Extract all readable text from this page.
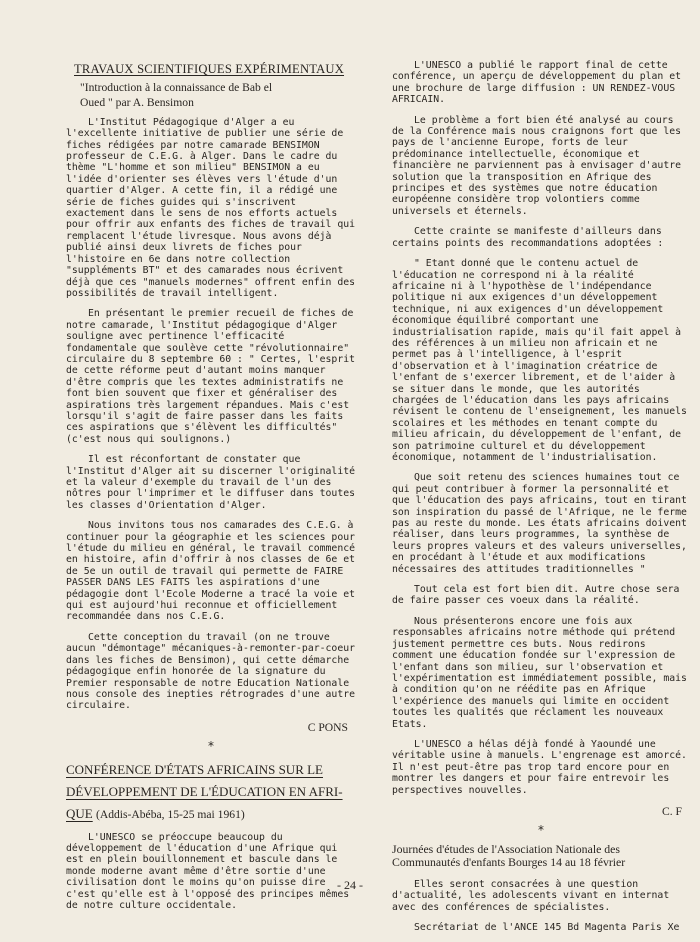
TRAVAUX SCIENTIFIQUES EXPÉRIMENTAUX
"Introduction à la connaissance de Bab el
Oued " par A. Bensimon

L'Institut Pédagogique d'Alger a eu l'excellente initiative de publier une série de fiches rédigées par notre camarade BENSIMON professeur de C.E.G. à Alger. Dans le cadre du thème "L'homme et son milieu" BENSIMON a eu l'idée d'orienter ses élèves vers l'étude d'un quartier d'Alger. A cette fin, il a rédigé une série de fiches guides qui s'inscrivent exactement dans le sens de nos efforts actuels pour offrir aux enfants des fiches de travail qui remplacent l'étude livresque. Nous avons déjà publié ainsi deux livrets de fiches pour l'histoire en 6e dans notre collection "suppléments BT" et des camarades nous écrivent déjà que ces "manuels modernes" offrent enfin des possibilités de travail intelligent.

En présentant le premier recueil de fiches de notre camarade, l'Institut pédagogique d'Alger souligne avec pertinence l'efficacité fondamentale que soulève cette "révolutionnaire" circulaire du 8 septembre 60 : " Certes, l'esprit de cette réforme peut d'autant moins manquer d'être compris que les textes administratifs ne font bien souvent que fixer et généraliser des aspirations très largement répandues. Mais c'est lorsqu'il s'agit de faire passer dans les faits ces aspirations que s'élèvent les difficultés" (c'est nous qui soulignons.)

Il est réconfortant de constater que l'Institut d'Alger ait su discerner l'originalité et la valeur d'exemple du travail de l'un des nôtres pour l'imprimer et le diffuser dans toutes les classes d'Orientation d'Alger.

Nous invitons tous nos camarades des C.E.G. à continuer pour la géographie et les sciences pour l'étude du milieu en général, le travail commencé en histoire, afin d'offrir à nos classes de 6e et de 5e un outil de travail qui permette de FAIRE PASSER DANS LES FAITS les aspirations d'une pédagogie dont l'Ecole Moderne a tracé la voie et qui est aujourd'hui reconnue et officiellement recommandée dans nos C.E.G.

Cette conception du travail (on ne trouve aucun "démontage" mécaniques-à-remonter-par-coeur dans les fiches de Bensimon), qui cette démarche pédagogique enfin honorée de la signature du Premier responsable de notre Education Nationale nous console des inepties rétrogrades d'une autre circulaire.

C PONS
*
CONFÉRENCE D'ÉTATS AFRICAINS SUR LE
DÉVELOPPEMENT DE L'ÉDUCATION EN AFRI-
QUE (Addis-Abéba, 15-25 mai 1961)

L'UNESCO se préoccupe beaucoup du développement de l'éducation d'une Afrique qui est en plein bouillonnement et bascule dans le monde moderne avant même d'être sortie d'une civilisation dont le moins qu'on puisse dire c'est qu'elle est à l'opposé des principes mêmes de notre culture occidentale.

L'UNESCO a publié le rapport final de cette conférence, un aperçu de développement du plan et une brochure de large diffusion : UN RENDEZ-VOUS AFRICAIN.

Le problème a fort bien été analysé au cours de la Conférence mais nous craignons fort que les pays de l'ancienne Europe, forts de leur prédominance intellectuelle, économique et financière ne parviennent pas à envisager d'autre solution que la transposition en Afrique des principes et des systèmes que notre éducation européenne considère trop volontiers comme universels et éternels.

Cette crainte se manifeste d'ailleurs dans certains points des recommandations adoptées :

" Etant donné que le contenu actuel de l'éducation ne correspond ni à la réalité africaine ni à l'hypothèse de l'indépendance politique ni aux exigences d'un développement technique, ni aux exigences d'un développement économique équilibré comportant une industrialisation rapide, mais qu'il fait appel à des références à un milieu non africain et ne permet pas à l'intelligence, à l'esprit d'observation et à l'imagination créatrice de l'enfant de s'exercer librement, et de l'aider à se situer dans le monde, que les autorités chargées de l'éducation dans les pays africains révisent le contenu de l'enseignement, les manuels scolaires et les méthodes en tenant compte du milieu africain, du développement de l'enfant, de son patrimoine culturel et du développement économique, notamment de l'industrialisation.

Que soit retenu des sciences humaines tout ce qui peut contribuer à former la personnalité et que l'éducation des pays africains, tout en tirant son inspiration du passé de l'Afrique, ne le ferme pas au reste du monde. Les états africains doivent réaliser, dans leurs programmes, la synthèse de leurs propres valeurs et des valeurs universelles, en procédant à l'étude et aux modifications nécessaires des attitudes traditionnelles "

Tout cela est fort bien dit. Autre chose sera de faire passer ces voeux dans la réalité.

Nous présenterons encore une fois aux responsables africains notre méthode qui prétend justement permettre ces buts. Nous redirons comment une éducation fondée sur l'expression de l'enfant dans son milieu, sur l'observation et l'expérimentation est immédiatement possible, mais à condition qu'on ne réédite pas en Afrique l'expérience des manuels qui limite en occident toutes les qualités que réclament les nouveaux Etats.

L'UNESCO a hélas déjà fondé à Yaoundé une véritable usine à manuels. L'engrenage est amorcé. Il n'est peut-être pas trop tard encore pour en montrer les dangers et pour faire entrevoir les perspectives nouvelles.

C. F
*
Journées d'études de l'Association Nationale des Communautés d'enfants Bourges 14 au 18 février

Elles seront consacrées à une question d'actualité, les adolescents vivant en internat avec des conférences de spécialistes.

Secrétariat de l'ANCE 145 Bd Magenta Paris Xe

- 24 -
